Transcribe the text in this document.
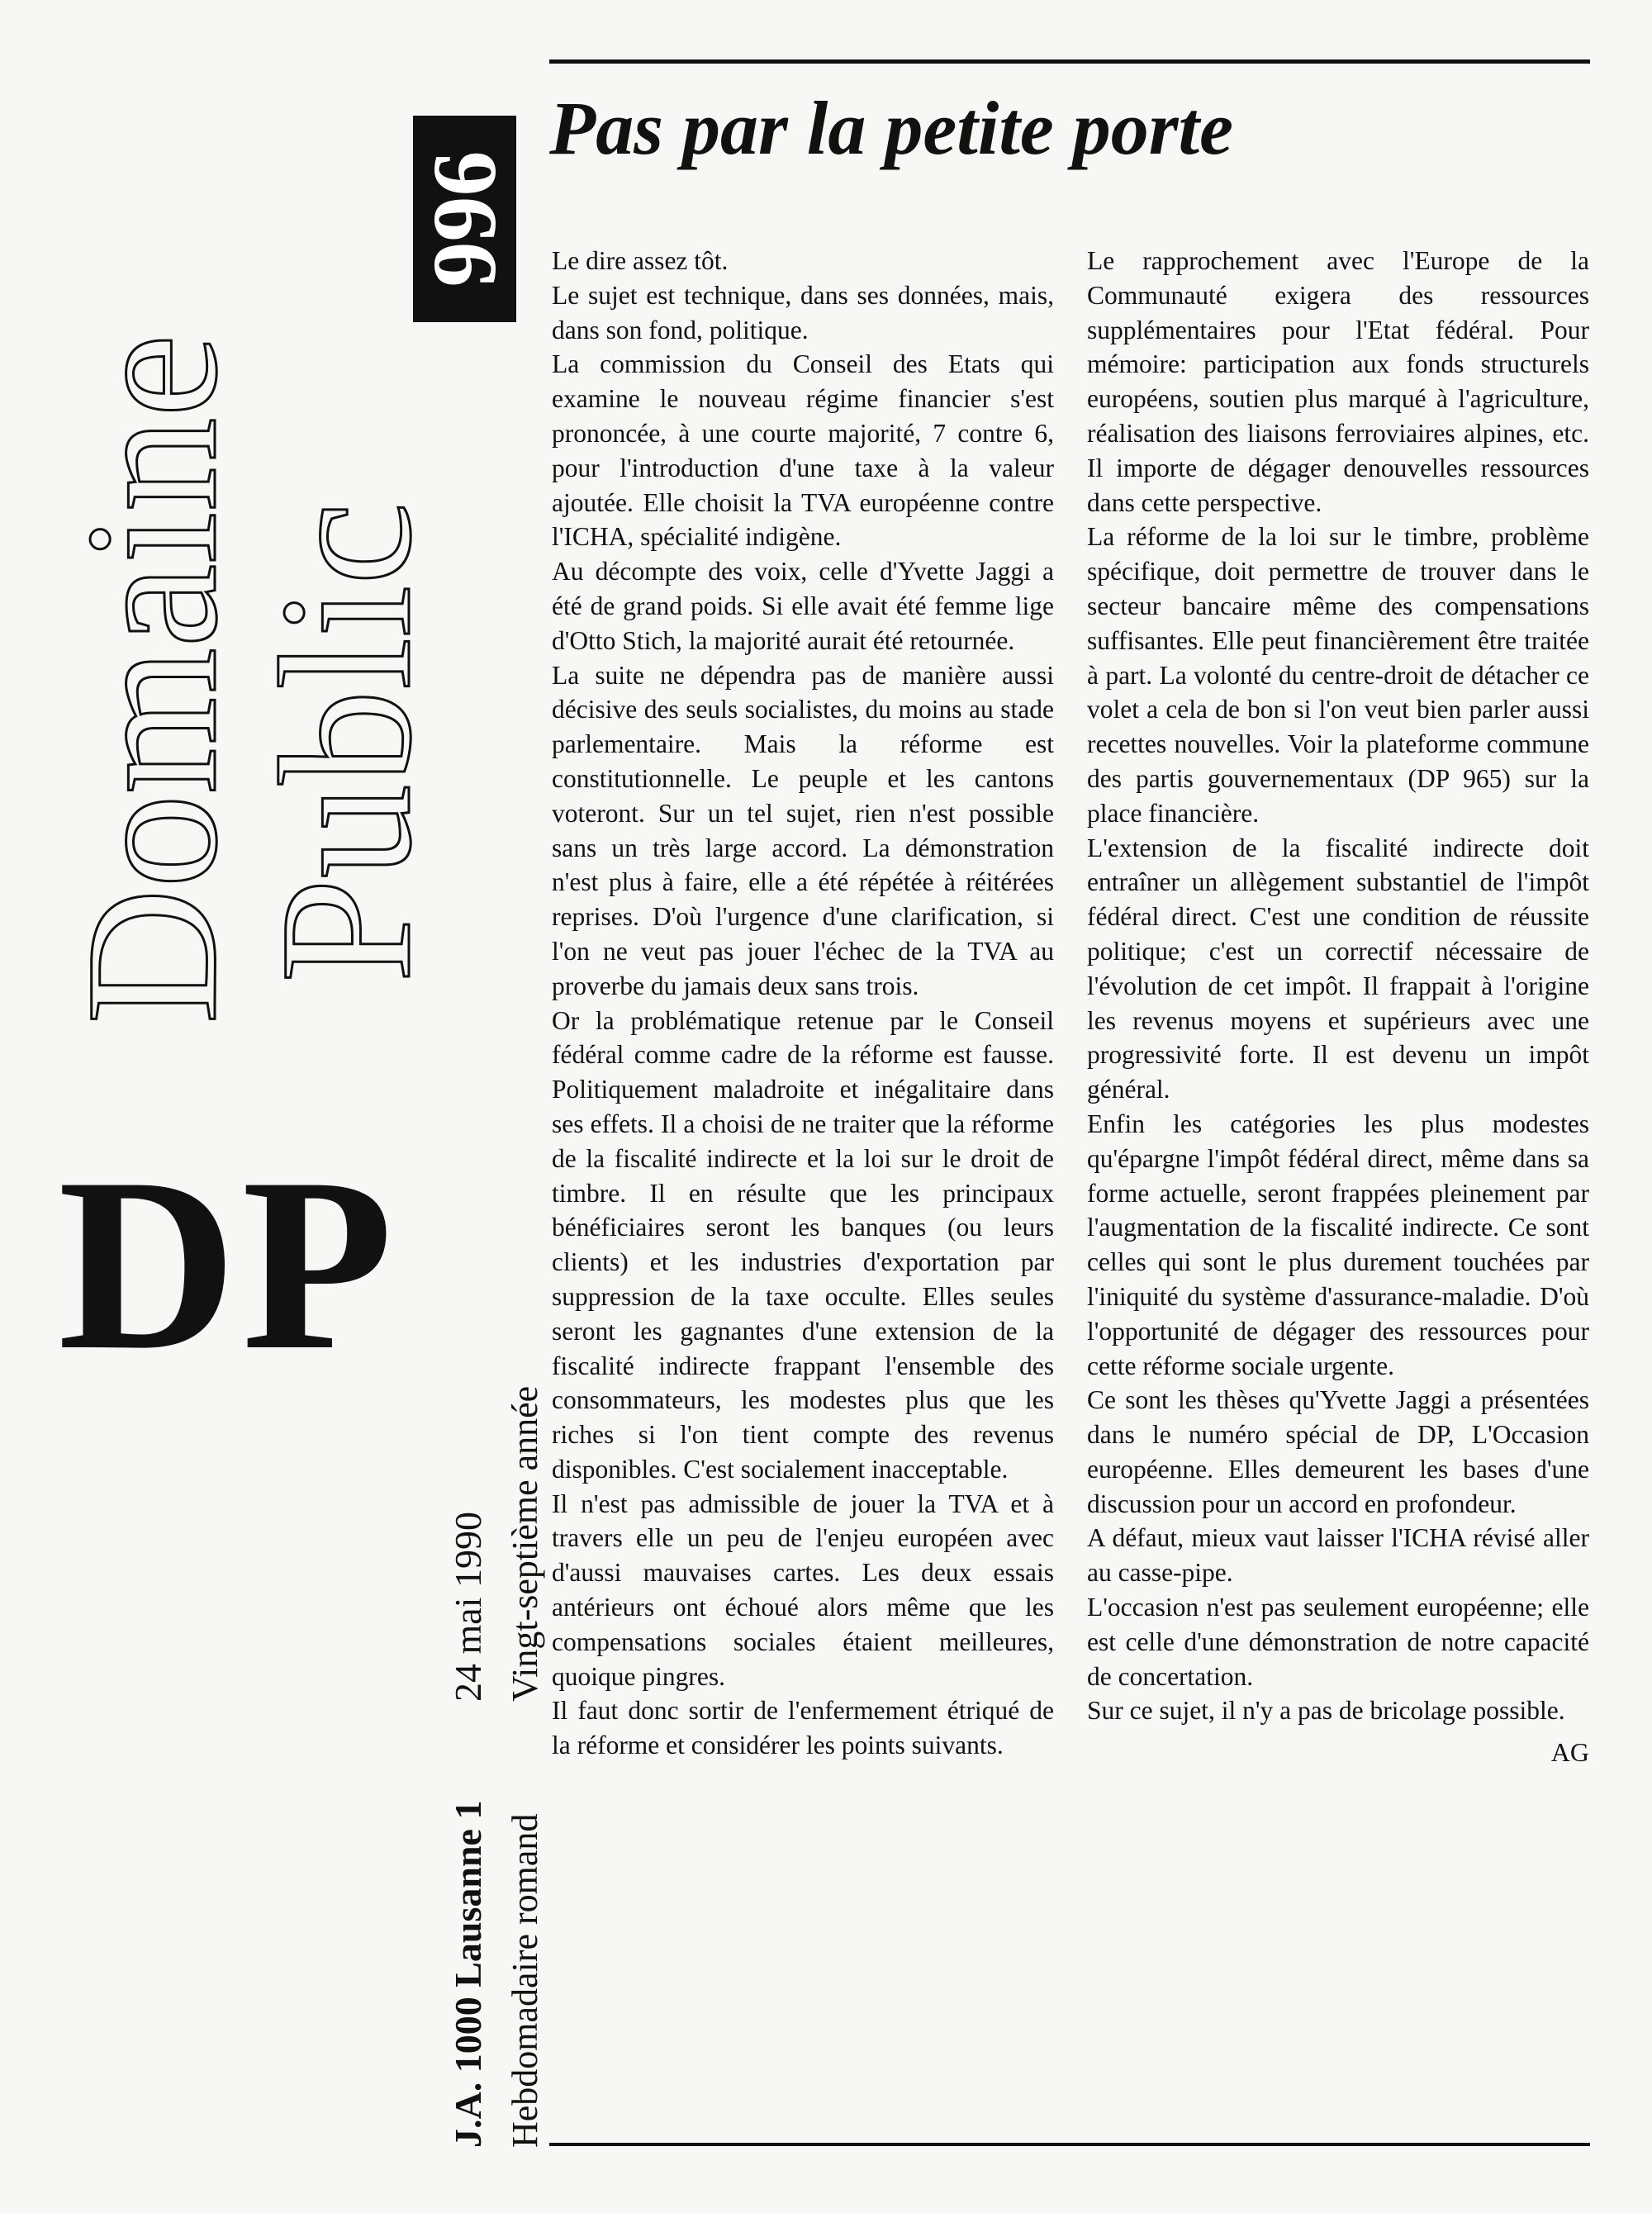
Domaine
Public
996
DP
J.A. 1000 Lausanne 1 Hebdomadaire romand
24 mai 1990 Vingt-septième année
Pas par la petite porte

Le dire assez tôt.

Le sujet est technique, dans ses données, mais, dans son fond, politique.

La commission du Conseil des Etats qui examine le nouveau régime financier s'est prononcée, à une courte majorité, 7 contre 6, pour l'introduction d'une taxe à la valeur ajoutée. Elle choisit la TVA européenne contre l'ICHA, spécialité indigène.

Au décompte des voix, celle d'Yvette Jaggi a été de grand poids. Si elle avait été femme lige d'Otto Stich, la majorité aurait été retournée.

La suite ne dépendra pas de manière aussi décisive des seuls socialistes, du moins au stade parlementaire. Mais la réforme est constitutionnelle. Le peuple et les cantons voteront. Sur un tel sujet, rien n'est possible sans un très large accord. La démonstration n'est plus à faire, elle a été répétée à réitérées reprises. D'où l'urgence d'une clarification, si l'on ne veut pas jouer l'échec de la TVA au proverbe du jamais deux sans trois.

Or la problématique retenue par le Conseil fédéral comme cadre de la réforme est fausse. Politiquement maladroite et inégalitaire dans ses effets. Il a choisi de ne traiter que la réforme de la fiscalité indirecte et la loi sur le droit de timbre. Il en résulte que les principaux bénéficiaires seront les banques (ou leurs clients) et les industries d'exportation par suppression de la taxe occulte. Elles seules seront les gagnantes d'une extension de la fiscalité indirecte frappant l'ensemble des consommateurs, les modestes plus que les riches si l'on tient compte des revenus disponibles. C'est socialement inacceptable.

Il n'est pas admissible de jouer la TVA et à travers elle un peu de l'enjeu européen avec d'aussi mauvaises cartes. Les deux essais antérieurs ont échoué alors même que les compensations sociales étaient meilleures, quoique pingres.

Il faut donc sortir de l'enfermement étriqué de la réforme et considérer les points suivants.

Le rapprochement avec l'Europe de la Communauté exigera des ressources supplémentaires pour l'Etat fédéral. Pour mémoire: participation aux fonds structurels européens, soutien plus marqué à l'agriculture, réalisation des liaisons ferroviaires alpines, etc. Il importe de dégager denouvelles ressources dans cette perspective.

La réforme de la loi sur le timbre, problème spécifique, doit permettre de trouver dans le secteur bancaire même des compensations suffisantes. Elle peut financièrement être traitée à part. La volonté du centre-droit de détacher ce volet a cela de bon si l'on veut bien parler aussi recettes nouvelles. Voir la plateforme commune des partis gouvernementaux (DP 965) sur la place financière.

L'extension de la fiscalité indirecte doit entraîner un allègement substantiel de l'impôt fédéral direct. C'est une condition de réussite politique; c'est un correctif nécessaire de l'évolution de cet impôt. Il frappait à l'origine les revenus moyens et supérieurs avec une progressivité forte. Il est devenu un impôt général.

Enfin les catégories les plus modestes qu'épargne l'impôt fédéral direct, même dans sa forme actuelle, seront frappées pleinement par l'augmentation de la fiscalité indirecte. Ce sont celles qui sont le plus durement touchées par l'iniquité du système d'assurance-maladie. D'où l'opportunité de dégager des ressources pour cette réforme sociale urgente.

Ce sont les thèses qu'Yvette Jaggi a présentées dans le numéro spécial de DP, L'Occasion européenne. Elles demeurent les bases d'une discussion pour un accord en profondeur.

A défaut, mieux vaut laisser l'ICHA révisé aller au casse-pipe.

L'occasion n'est pas seulement européenne; elle est celle d'une démonstration de notre capacité de concertation.

Sur ce sujet, il n'y a pas de bricolage possible.

AG
